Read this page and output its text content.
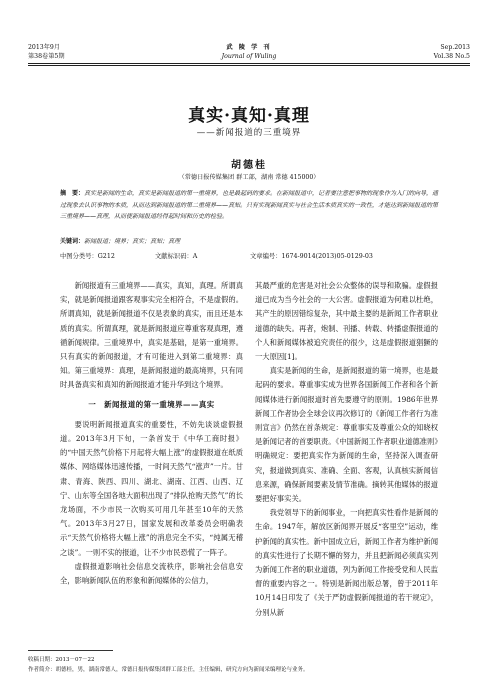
2013年9月
第38卷第5期
武 陵 学 刊
Journal of Wuling
Sep.2013
Vol.38 No.5
真实·真知·真理
——新闻报道的三重境界
胡德桂
（常德日报传媒集团 群工部，湖南 常德 415000）
摘　要：真实是新闻的生命，真实是新闻报道的第一重境界，也是最起码的要求。在新闻报道中，记者要注意把事物的现象作为入门的向导，通过现象去认识事物的本质，从而达到新闻报道的第二重境界——真知。只有实现新闻真实与社会生活本质真实的一致性，才能达到新闻报道的第三重境界——真理，从而使新闻报道经得起时间和历史的检验。
关键词：新闻报道；境界；真实；真知；真理
中图分类号：G212	文献标识码：A	文章编号：1674-9014(2013)05-0129-03

新闻报道有三重境界——真实，真知，真理。所谓真实，就是新闻报道跟客观事实完全相符合，不是虚假的。所谓真知，就是新闻报道不仅是表象的真实，而且还是本质的真实。所谓真理，就是新闻报道应尊重客观真理，遵循新闻规律。三重境界中，真实是基础，是第一重境界。只有真实的新闻报道，才有可能进入到第二重境界：真知。第三重境界：真理，是新闻报道的最高境界，只有同时具备真实和真知的新闻报道才能升华到这个境界。

一　新闻报道的第一重境界——真实

要说明新闻报道真实的重要性，不妨先谈谈虚假报道。2013年3月下旬，一条首发于《中华工商时报》的“中国天然气价格下月起将大幅上涨”的虚假报道在纸质媒体、网络媒体迅速传播，一时间天然气“涨声”一片。甘肃、青海、陕西、四川、湖北、湖南、江西、山西、辽宁、山东等全国各地大面积出现了“排队抢购天然气”的长龙场面，不少市民一次购买可用几年甚至10年的天然气。2013年3月27日，国家发展和改革委员会明确表示“天然气价格将大幅上涨”的消息完全不实，“纯属无稽之谈”。一则不实的报道，让不少市民恐慌了一阵子。

虚假报道影响社会信息交流秩序，影响社会信息安全，影响新闻队伍的形象和新闻媒体的公信力，

其最严重的危害是对社会公众整体的误导和欺骗。虚假报道已成为当今社会的一大公害。虚假报道为何难以杜绝，其产生的原因错综复杂，其中最主要的是新闻工作者职业道德的缺失。再者，炮制、刊播、转载、转播虚假报道的个人和新闻媒体被追究责任的很少，这是虚假报道猖獗的一大原因[1]。

真实是新闻的生命，是新闻报道的第一境界，也是最起码的要求。尊重事实成为世界各国新闻工作者和各个新闻媒体进行新闻报道时首先要遵守的原则。1986年世界新闻工作者协会全球会议再次修订的《新闻工作者行为准则宣言》仍然在首条规定：尊重事实及尊重公众的知晓权是新闻记者的首要职责。《中国新闻工作者职业道德准则》明确规定：要把真实作为新闻的生命，坚持深入调查研究，报道做到真实、准确、全面、客观，认真核实新闻信息来源，确保新闻要素及情节准确。摘转其他媒体的报道要把好事实关。

我党领导下的新闻事业，一向把真实性看作是新闻的生命。1947年，解放区新闻界开展反“客里空”运动，维护新闻的真实性。新中国成立后，新闻工作者为维护新闻的真实性进行了长期不懈的努力，并且把新闻必须真实列为新闻工作者的职业道德，列为新闻工作接受党和人民监督的重要内容之一。特别是新闻出版总署，曾于2011年10月14日印发了《关于严防虚假新闻报道的若干规定》，分别从新

收稿日期：2013－07－22
作者简介：胡德桂，男，湖南常德人，常德日报传媒集团群工部主任，主任编辑，研究方向为新闻采编理论与业务。
